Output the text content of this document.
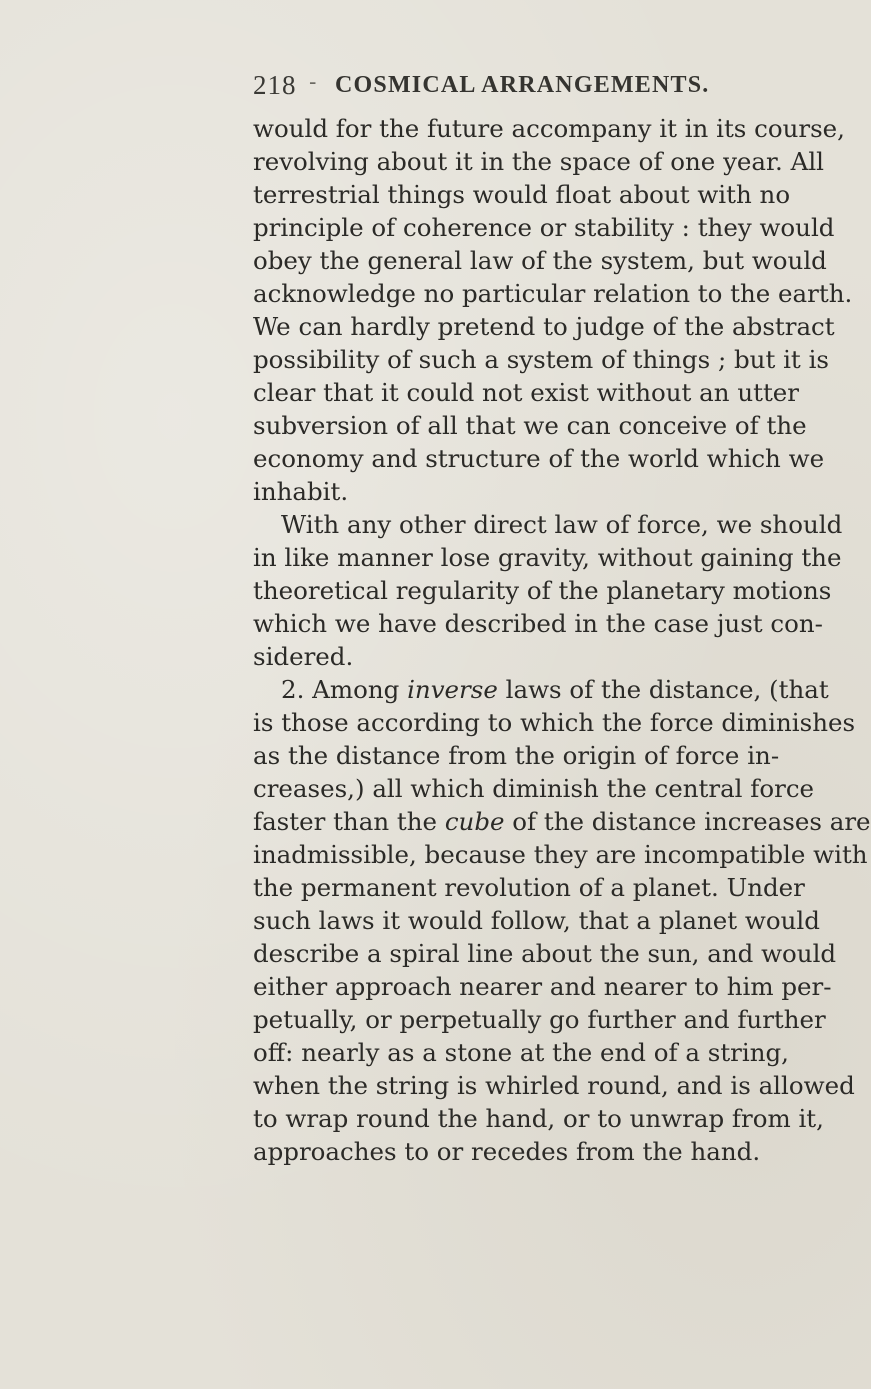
218 - COSMICAL ARRANGEMENTS.
would for the future accompany it in its course,
revolving about it in the space of one year. All
terrestrial things would float about with no
principle of coherence or stability : they would
obey the general law of the system, but would
acknowledge no particular relation to the earth.
We can hardly pretend to judge of the abstract
possibility of such a system of things ; but it is
clear that it could not exist without an utter
subversion of all that we can conceive of the
economy and structure of the world which we
inhabit.
With any other direct law of force, we should
in like manner lose gravity, without gaining the
theoretical regularity of the planetary motions
which we have described in the case just con-
sidered.
2. Among inverse laws of the distance, (that
is those according to which the force diminishes
as the distance from the origin of force in-
creases,) all which diminish the central force
faster than the cube of the distance increases are
inadmissible, because they are incompatible with
the permanent revolution of a planet. Under
such laws it would follow, that a planet would
describe a spiral line about the sun, and would
either approach nearer and nearer to him per-
petually, or perpetually go further and further
off: nearly as a stone at the end of a string,
when the string is whirled round, and is allowed
to wrap round the hand, or to unwrap from it,
approaches to or recedes from the hand.
